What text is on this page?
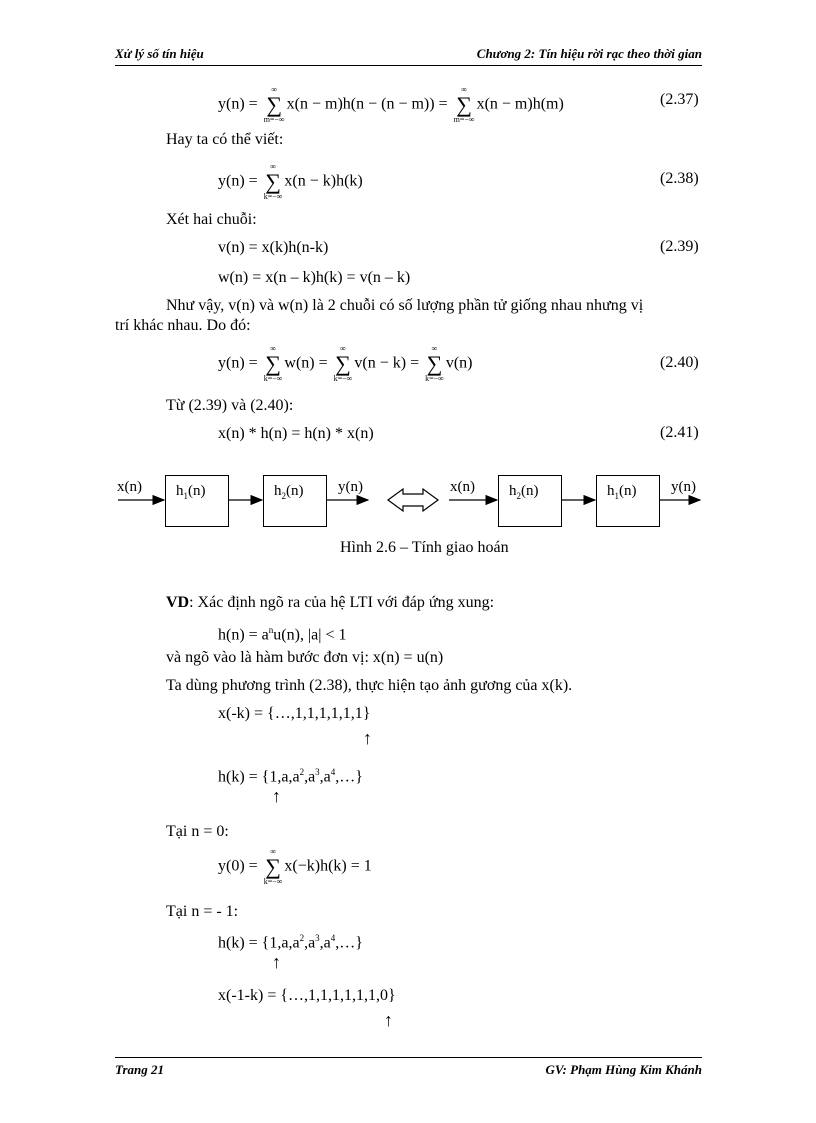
Xử lý số tín hiệu	Chương 2: Tín hiệu rời rạc theo thời gian
y(n) =
∞
∑
m=−∞
x(n − m)h(n − (n − m)) =
∞
∑
m=−∞
x(n − m)h(m)	(2.37)
Hay ta có thể viết:
y(n) =
∞
∑
k=−∞
x(n − k)h(k)	(2.38)
Xét hai chuỗi:
v(n) = x(k)h(n-k)	(2.39)
w(n) = x(n – k)h(k) = v(n – k)
Như vậy, v(n) và w(n) là 2 chuỗi có số lượng phần tử giống nhau nhưng vị
trí khác nhau. Do đó:
y(n) =
∞
∑
k=−∞
w(n) =
∞
∑
k=−∞
v(n − k) =
∞
∑
k=−∞
v(n)	(2.40)
Từ (2.39) và (2.40):
x(n) * h(n) = h(n) * x(n)	(2.41)
$h_1(n)$	$h_2(n)$	$h_2(n)$	$h_1(n)$
x(n)	y(n)	x(n)	y(n)
Hình 2.6 – Tính giao hoán
VD: Xác định ngõ ra của hệ LTI với đáp ứng xung:
$h(n) = a^nu(n)$, |a| < 1
và ngõ vào là hàm bước đơn vị: x(n) = u(n)
Ta dùng phương trình (2.38), thực hiện tạo ảnh gương của x(k).
x(-k) = {…,1,1,1,1,1,1}
↑
$h(k) = \{1,a,a^2,a^3,a^4,\dots\}$
↑
Tại n = 0:
y(0) =
∞
∑
k=−∞
x(−k)h(k) = 1
Tại n = - 1:
$h(k) = \{1,a,a^2,a^3,a^4,\dots\}$
↑
x(-1-k) = {…,1,1,1,1,1,1,0}
↑
Trang 21	GV: Phạm Hùng Kim Khánh
